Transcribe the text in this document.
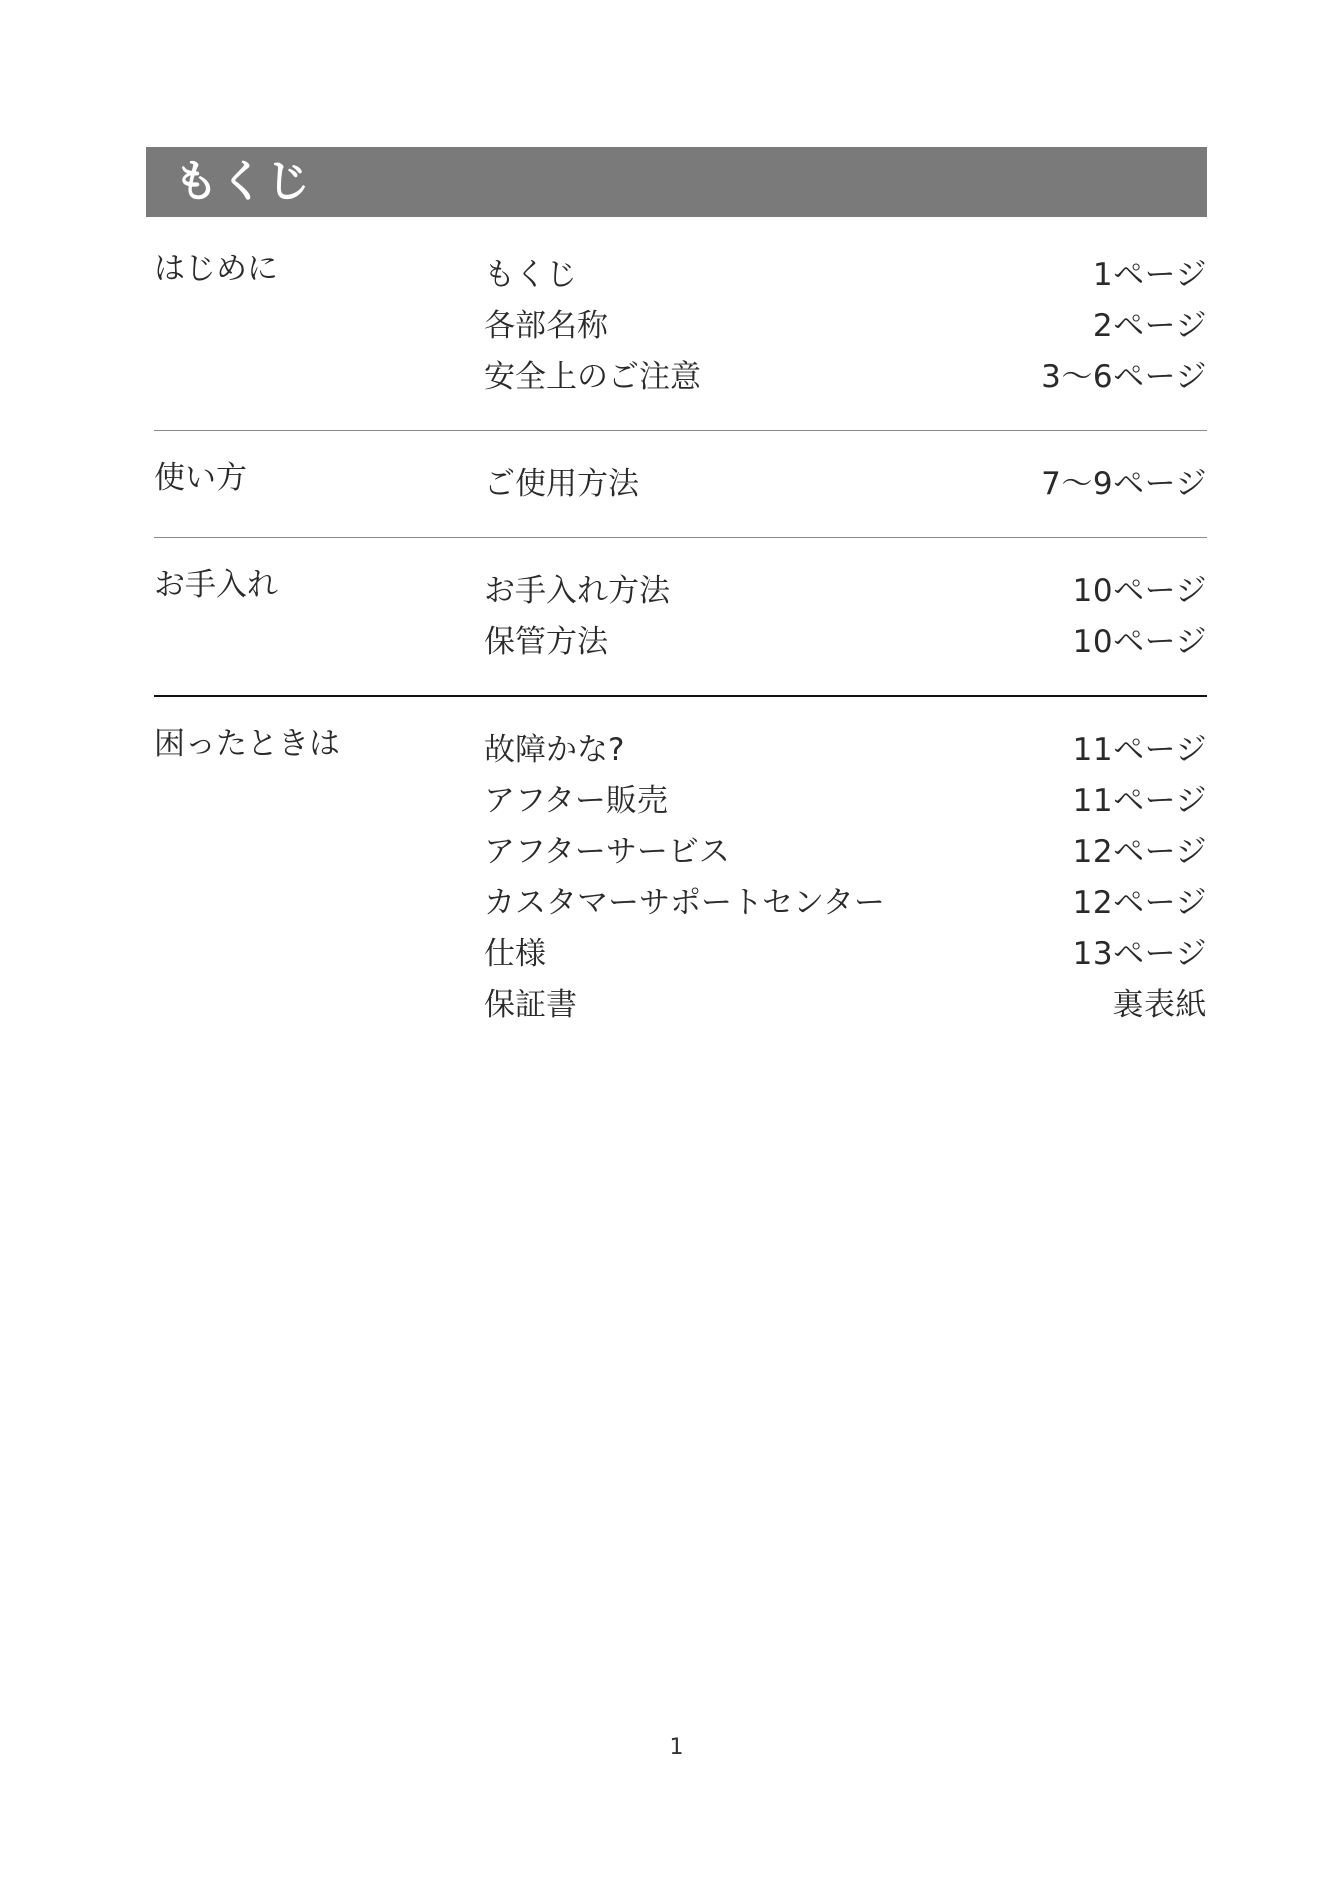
もくじ
はじめに	もくじ	1ページ
各部名称	2ページ
安全上のご注意	3〜6ページ
使い方	ご使用方法	7〜9ページ
お手入れ	お手入れ方法	10ページ
保管方法	10ページ
困ったときは	故障かな?	11ページ
アフター販売	11ページ
アフターサービス	12ページ
カスタマーサポートセンター	12ページ
仕様	13ページ
保証書	裏表紙
1
